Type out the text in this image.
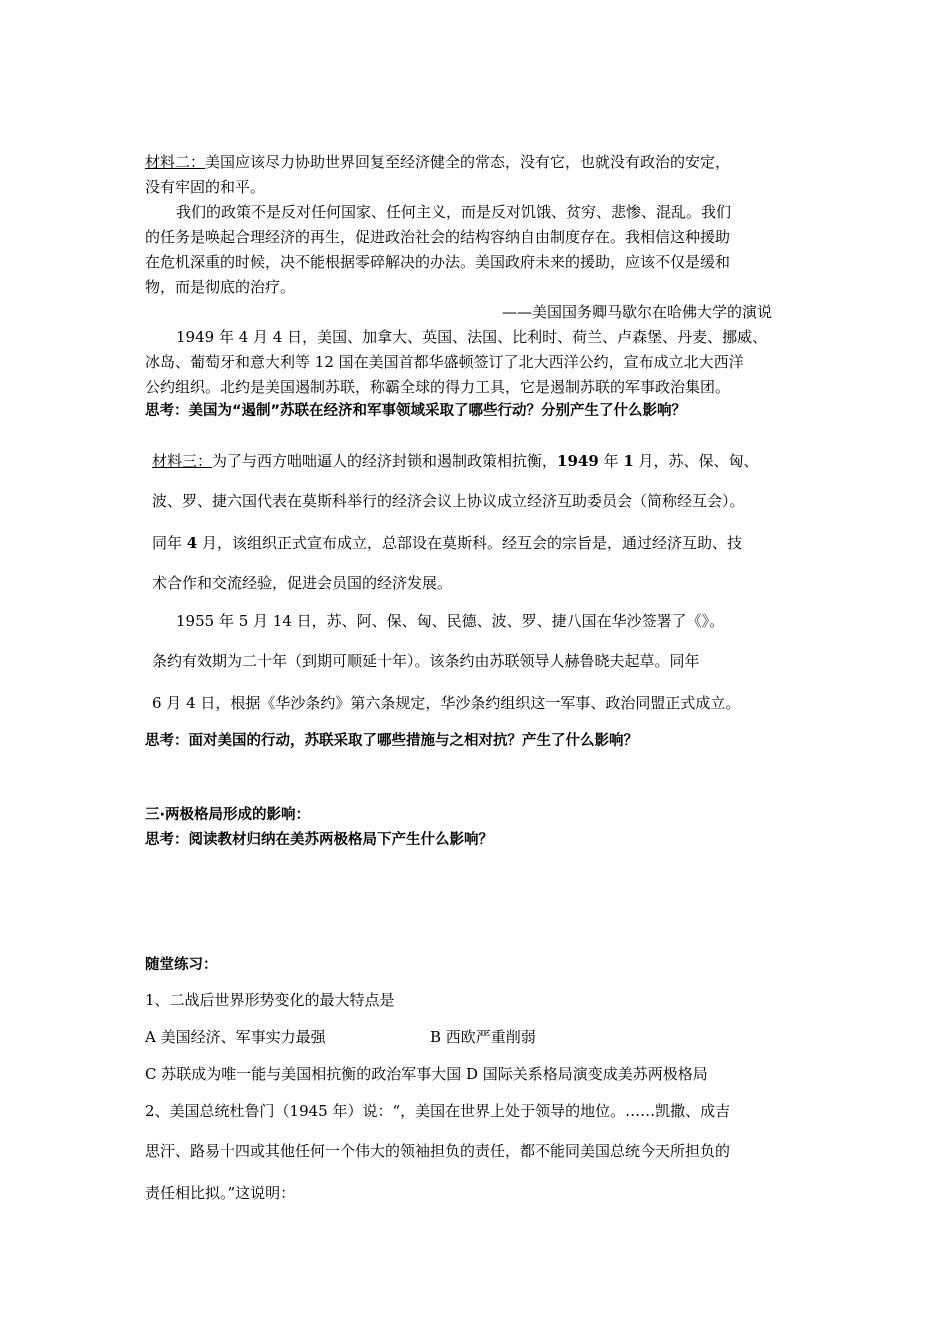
材料二：美国应该尽力协助世界回复至经济健全的常态，没有它，也就没有政治的安定，
没有牢固的和平。
我们的政策不是反对任何国家、任何主义，而是反对饥饿、贫穷、悲惨、混乱。我们
的任务是唤起合理经济的再生，促进政治社会的结构容纳自由制度存在。我相信这种援助
在危机深重的时候，决不能根据零碎解决的办法。美国政府未来的援助，应该不仅是缓和
物，而是彻底的治疗。
——美国国务卿马歇尔在哈佛大学的演说
1949 年 4 月 4 日，美国、加拿大、英国、法国、比利时、荷兰、卢森堡、丹麦、挪威、
冰岛、葡萄牙和意大利等 12 国在美国首都华盛顿签订了北大西洋公约，宣布成立北大西洋
公约组织。北约是美国遏制苏联，称霸全球的得力工具，它是遏制苏联的军事政治集团。
思考：美国为“遏制”苏联在经济和军事领域采取了哪些行动？分别产生了什么影响？
材料三：为了与西方咄咄逼人的经济封锁和遏制政策相抗衡，1949 年 1 月，苏、保、匈、
波、罗、捷六国代表在莫斯科举行的经济会议上协议成立经济互助委员会（简称经互会）。
同年 4 月，该组织正式宣布成立，总部设在莫斯科。经互会的宗旨是，通过经济互助、技
术合作和交流经验，促进会员国的经济发展。
1955 年 5 月 14 日，苏、阿、保、匈、民德、波、罗、捷八国在华沙签署了《》。
条约有效期为二十年（到期可顺延十年）。该条约由苏联领导人赫鲁晓夫起草。同年
6 月 4 日，根据《华沙条约》第六条规定，华沙条约组织这一军事、政治同盟正式成立。
思考：面对美国的行动，苏联采取了哪些措施与之相对抗？产生了什么影响？
三·两极格局形成的影响：
思考：阅读教材归纳在美苏两极格局下产生什么影响？
随堂练习：
1、二战后世界形势变化的最大特点是
A 美国经济、军事实力最强	B 西欧严重削弱
C 苏联成为唯一能与美国相抗衡的政治军事大国 D 国际关系格局演变成美苏两极格局
2、美国总统杜鲁门（1945 年）说：“，美国在世界上处于领导的地位。……凯撒、成吉
思汗、路易十四或其他任何一个伟大的领袖担负的责任，都不能同美国总统今天所担负的
责任相比拟。”这说明：
